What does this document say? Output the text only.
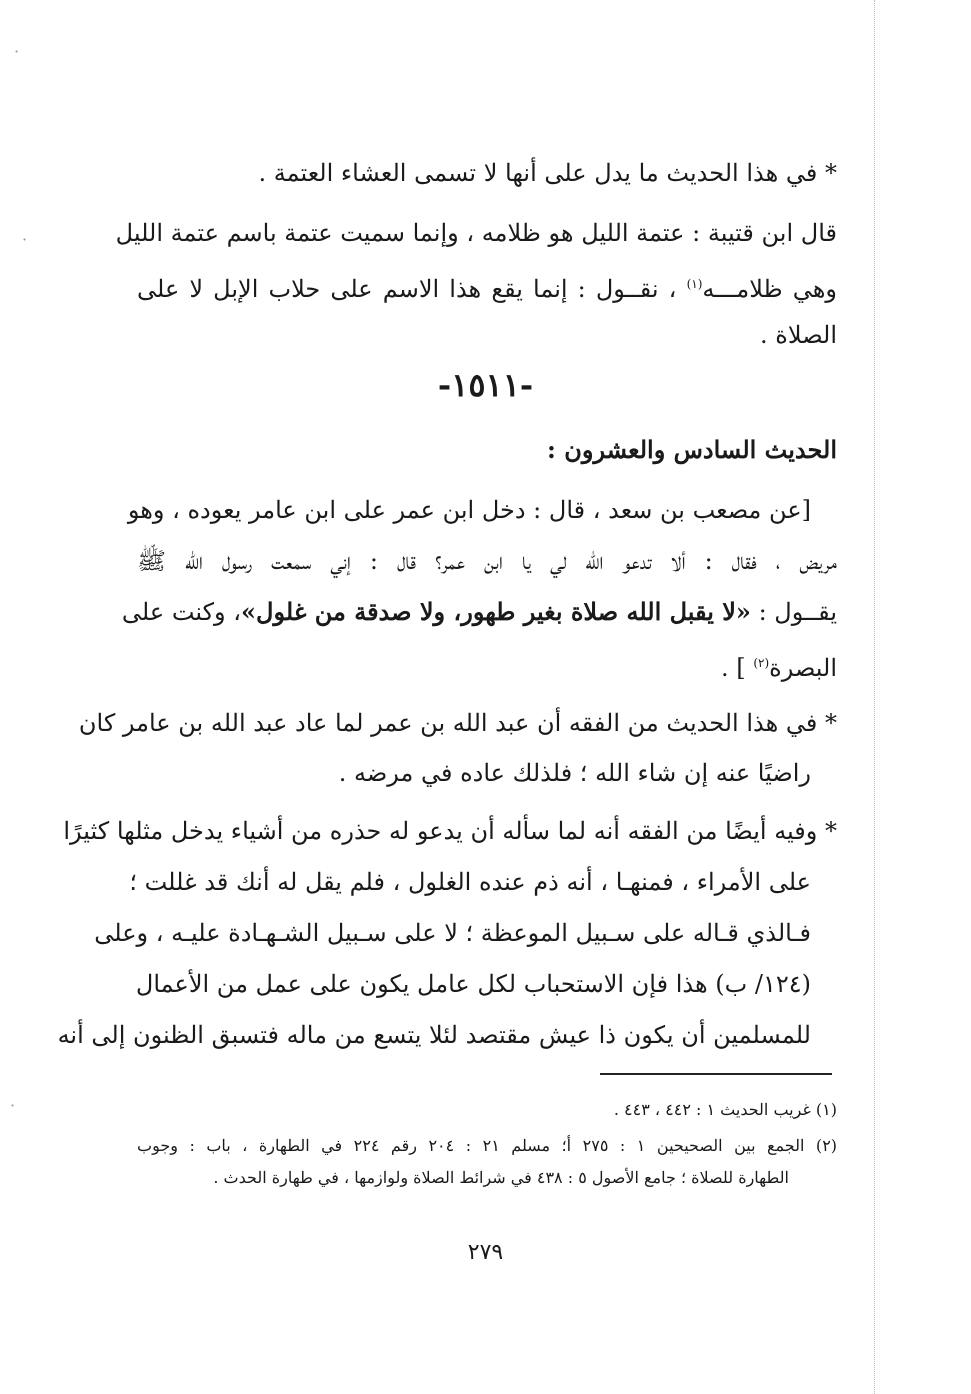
* في هذا الحديث ما يدل على أنها لا تسمى العشاء العتمة .
قال ابن قتيبة : عتمة الليل هو ظلامه ، وإنما سميت عتمة باسم عتمة الليل
وهي ظلامـــه$^{(١)}$ ، نقــول : إنما يقع هذا الاسم على حلاب الإبل لا على
الصلاة .
-١٥١١-
الحديث السادس والعشرون :
[عن مصعب بن سعد ، قال : دخل ابن عمر على ابن عامر يعوده ، وهو
مريض ، فقال : ألا تدعو الله لي يا ابن عمر؟ قال : إني سمعت رسول الله ﷺ
يقــول : «لا يقبل الله صلاة بغير طهور، ولا صدقة من غلول»، وكنت على
البصرة$^{(٢)}$ ] .
* في هذا الحديث من الفقه أن عبد الله بن عمر لما عاد عبد الله بن عامر كان
راضيًا عنه إن شاء الله ؛ فلذلك عاده في مرضه .
* وفيه أيضًا من الفقه أنه لما سأله أن يدعو له حذره من أشياء يدخل مثلها كثيرًا
على الأمراء ، فمنهـا ، أنه ذم عنده الغلول ، فلم يقل له أنك قد غللت ؛
فـالذي قـاله على سـبيل الموعظة ؛ لا على سـبيل الشـهـادة عليـه ، وعلى
(١٢٤/ ب) هذا فإن الاستحباب لكل عامل يكون على عمل من الأعمال
للمسلمين أن يكون ذا عيش مقتصد لئلا يتسع من ماله فتسبق الظنون إلى أنه
(١) غريب الحديث ١ : ٤٤٢ ، ٤٤٣ .
(٢) الجمع بين الصحيحين ١ : ٢٧٥ أ؛ مسلم ٢١ : ٢٠٤ رقم ٢٢٤ في الطهارة ، باب : وجوب
الطهارة للصلاة ؛ جامع الأصول ٥ : ٤٣٨ في شرائط الصلاة ولوازمها ، في طهارة الحدث .
٢٧٩
·
·
·
